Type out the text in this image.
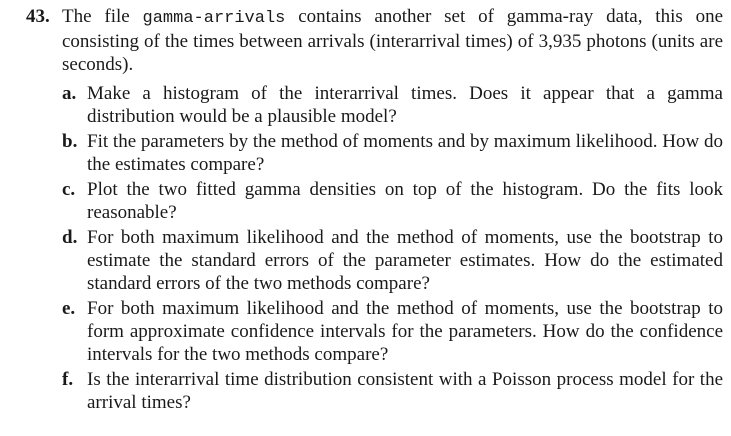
43. The file gamma-arrivals contains another set of gamma-ray data, this one consisting of the times between arrivals (interarrival times) of 3,935 photons (units are seconds).
a. Make a histogram of the interarrival times. Does it appear that a gamma distribution would be a plausible model?
b. Fit the parameters by the method of moments and by maximum likelihood. How do the estimates compare?
c. Plot the two fitted gamma densities on top of the histogram. Do the fits look reasonable?
d. For both maximum likelihood and the method of moments, use the bootstrap to estimate the standard errors of the parameter estimates. How do the estimated standard errors of the two methods compare?
e. For both maximum likelihood and the method of moments, use the bootstrap to form approximate confidence intervals for the parameters. How do the confidence intervals for the two methods compare?
f. Is the interarrival time distribution consistent with a Poisson process model for the arrival times?
